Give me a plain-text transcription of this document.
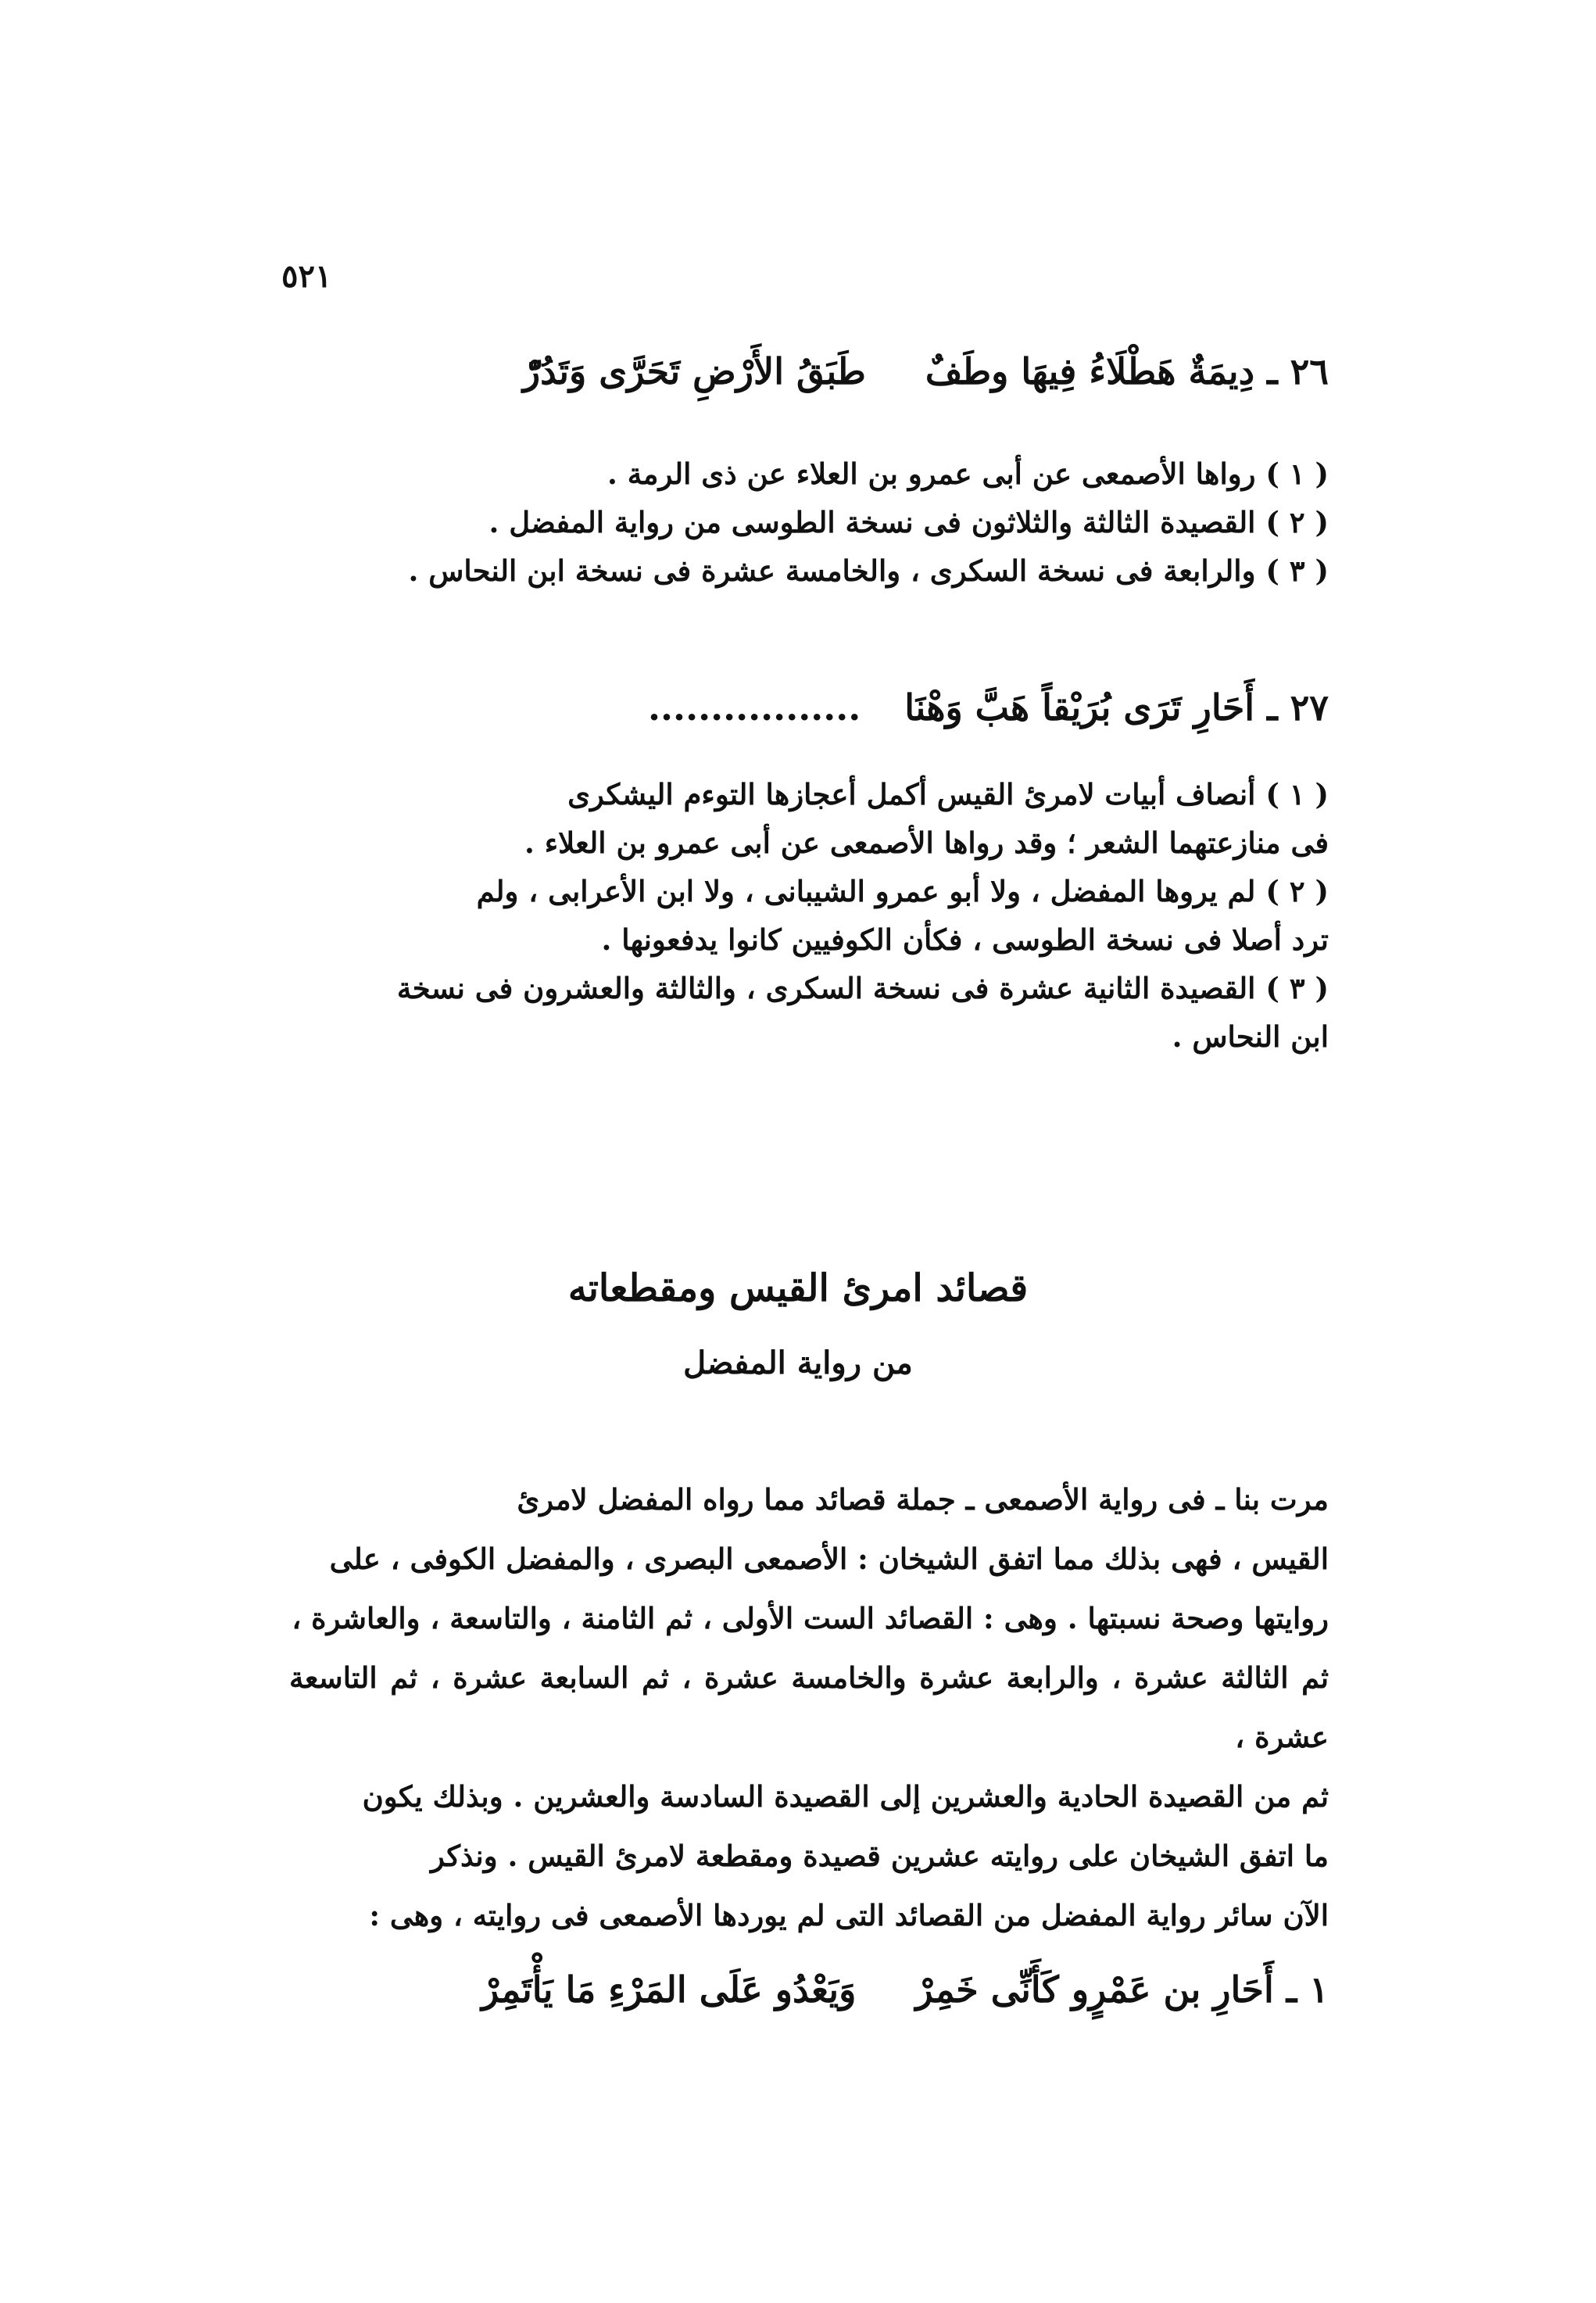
٥٢١
٢٦ ـ دِيمَةٌ هَطْلَاءُ فِيهَا وطَفٌ طَبَقُ الأَرْضِ تَحَرَّى وَتَدُرّْ

( ١ ) رواها الأصمعى عن أبى عمرو بن العلاء عن ذى الرمة .

( ٢ ) القصيدة الثالثة والثلاثون فى نسخة الطوسى من رواية المفضل .

( ٣ ) والرابعة فى نسخة السكرى ، والخامسة عشرة فى نسخة ابن النحاس .

٢٧ ـ أَحَارِ تَرَى بُرَيْقاً هَبَّ وَهْنَا .................

( ١ ) أنصاف أبيات لامرئ القيس أكمل أعجازها التوءم اليشكرى

فى منازعتهما الشعر ؛ وقد رواها الأصمعى عن أبى عمرو بن العلاء .

( ٢ ) لم يروها المفضل ، ولا أبو عمرو الشيبانى ، ولا ابن الأعرابى ، ولم

ترد أصلا فى نسخة الطوسى ، فكأن الكوفيين كانوا يدفعونها .

( ٣ ) القصيدة الثانية عشرة فى نسخة السكرى ، والثالثة والعشرون فى نسخة

ابن النحاس .

قصائد امرئ القيس ومقطعاته
من رواية المفضل

مرت بنا ـ فى رواية الأصمعى ـ جملة قصائد مما رواه المفضل لامرئ

القيس ، فهى بذلك مما اتفق الشيخان : الأصمعى البصرى ، والمفضل الكوفى ، على

روايتها وصحة نسبتها . وهى : القصائد الست الأولى ، ثم الثامنة ، والتاسعة ، والعاشرة ،

ثم الثالثة عشرة ، والرابعة عشرة والخامسة عشرة ، ثم السابعة عشرة ، ثم التاسعة عشرة ،

ثم من القصيدة الحادية والعشرين إلى القصيدة السادسة والعشرين . وبذلك يكون

ما اتفق الشيخان على روايته عشرين قصيدة ومقطعة لامرئ القيس . ونذكر

الآن سائر رواية المفضل من القصائد التى لم يوردها الأصمعى فى روايته ، وهى :

١ ـ أَحَارِ بن عَمْرٍو كَأَنِّى خَمِرْ وَيَعْدُو عَلَى المَرْءِ مَا يَأْتَمِرْ
